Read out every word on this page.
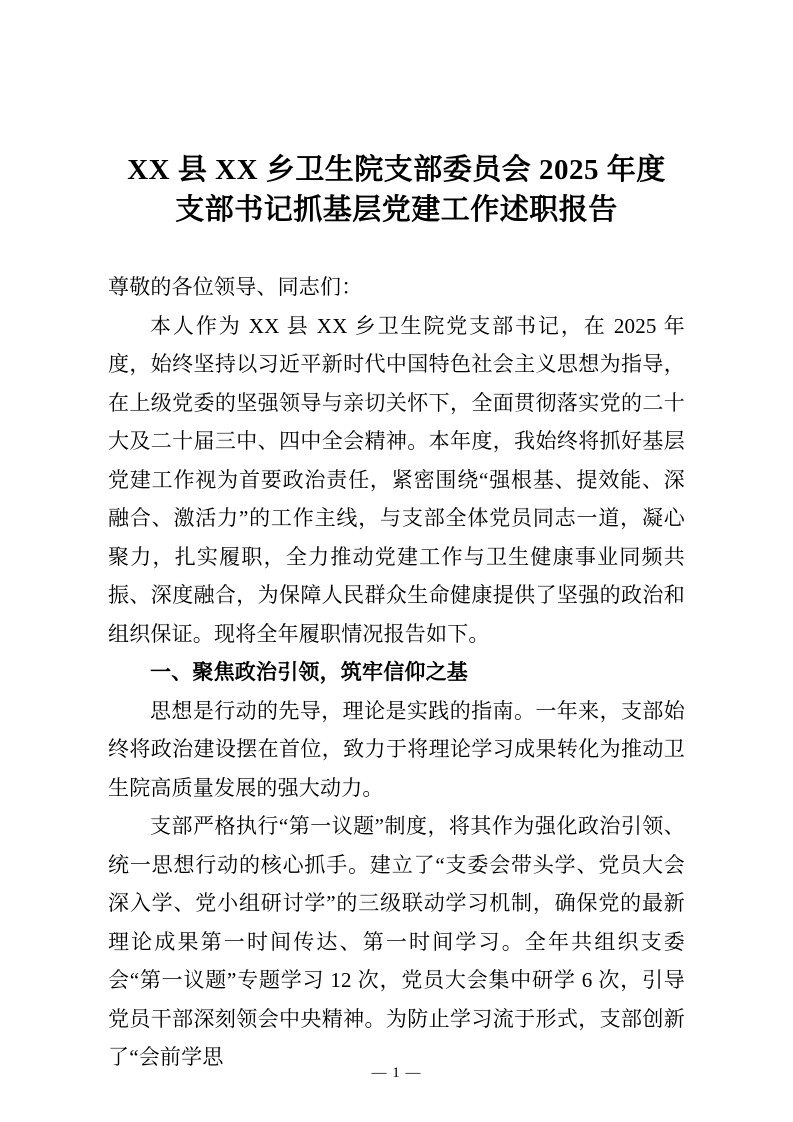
XX 县 XX 乡卫生院支部委员会 2025 年度
支部书记抓基层党建工作述职报告

尊敬的各位领导、同志们：

本人作为 XX 县 XX 乡卫生院党支部书记，在 2025 年度，始终坚持以习近平新时代中国特色社会主义思想为指导，在上级党委的坚强领导与亲切关怀下，全面贯彻落实党的二十大及二十届三中、四中全会精神。本年度，我始终将抓好基层党建工作视为首要政治责任，紧密围绕“强根基、提效能、深融合、激活力”的工作主线，与支部全体党员同志一道，凝心聚力，扎实履职，全力推动党建工作与卫生健康事业同频共振、深度融合，为保障人民群众生命健康提供了坚强的政治和组织保证。现将全年履职情况报告如下。

一、聚焦政治引领，筑牢信仰之基

思想是行动的先导，理论是实践的指南。一年来，支部始终将政治建设摆在首位，致力于将理论学习成果转化为推动卫生院高质量发展的强大动力。

支部严格执行“第一议题”制度，将其作为强化政治引领、统一思想行动的核心抓手。建立了“支委会带头学、党员大会深入学、党小组研讨学”的三级联动学习机制，确保党的最新理论成果第一时间传达、第一时间学习。全年共组织支委会“第一议题”专题学习 12 次，党员大会集中研学 6 次，引导党员干部深刻领会中央精神。为防止学习流于形式，支部创新了“会前学思

— 1 —
